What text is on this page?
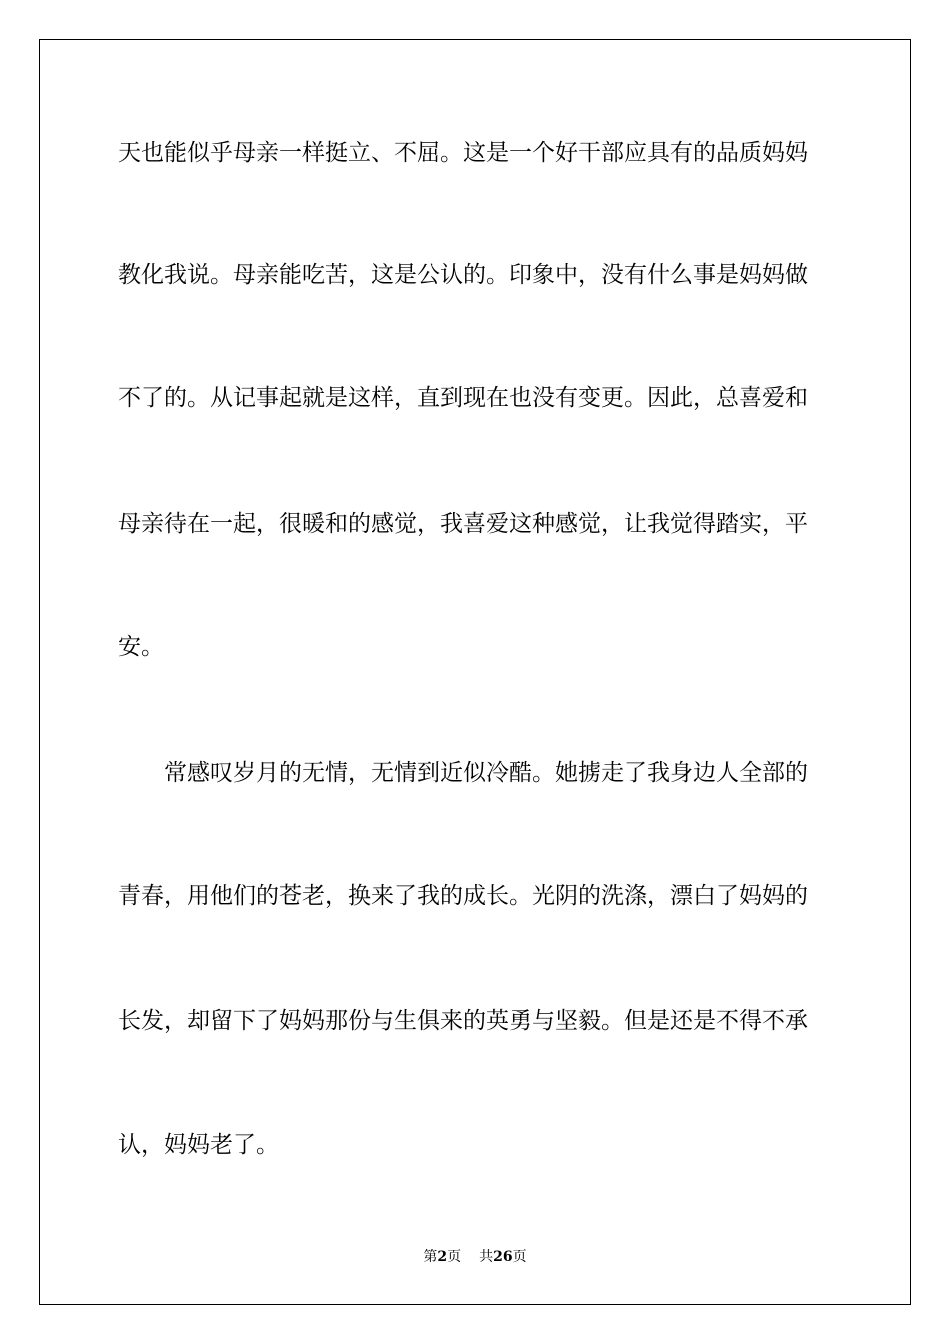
天也能似乎母亲一样挺立、不屈。这是一个好干部应具有的品质妈妈

教化我说。母亲能吃苦，这是公认的。印象中，没有什么事是妈妈做

不了的。从记事起就是这样，直到现在也没有变更。因此，总喜爱和

母亲待在一起，很暖和的感觉，我喜爱这种感觉，让我觉得踏实，平

安。

　　常感叹岁月的无情，无情到近似冷酷。她掳走了我身边人全部的

青春，用他们的苍老，换来了我的成长。光阴的洗涤，漂白了妈妈的

长发，却留下了妈妈那份与生俱来的英勇与坚毅。但是还是不得不承

认，妈妈老了。

第2页 共26页
